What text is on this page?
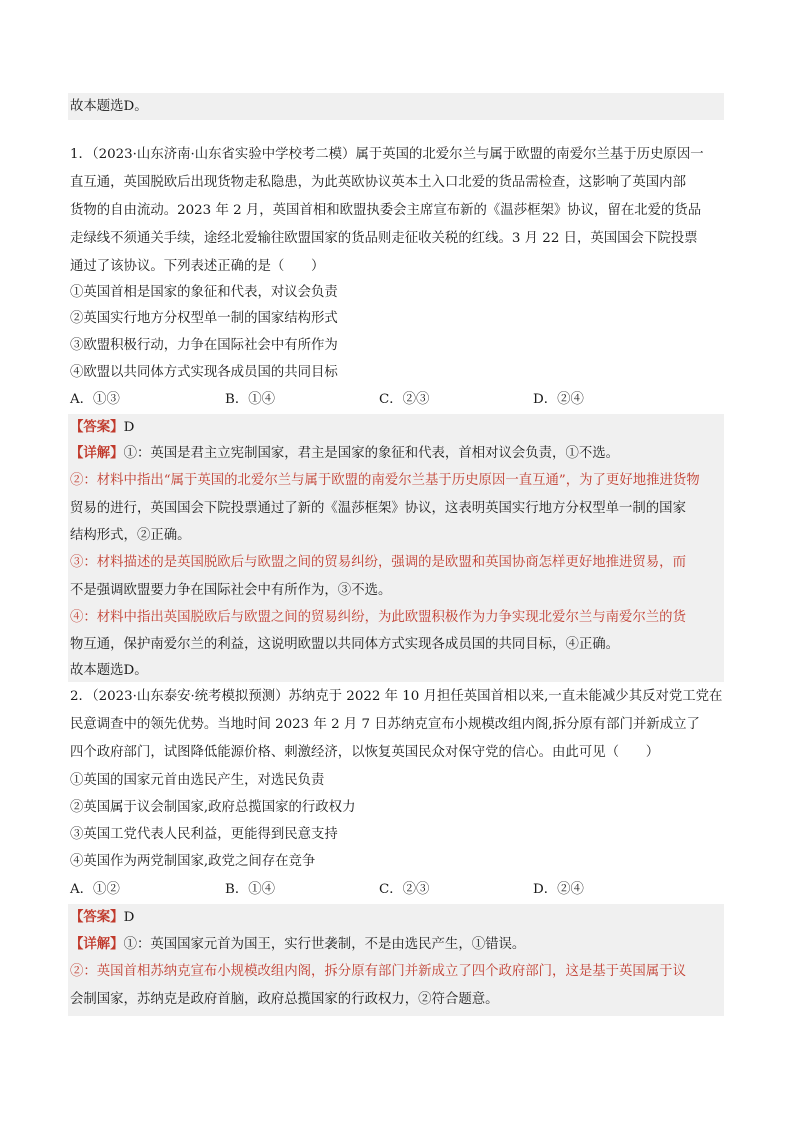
故本题选D。
1．（2023·山东济南·山东省实验中学校考二模）属于英国的北爱尔兰与属于欧盟的南爱尔兰基于历史原因一
直互通，英国脱欧后出现货物走私隐患，为此英欧协议英本土入口北爱的货品需检查，这影响了英国内部
货物的自由流动。2023 年 2 月，英国首相和欧盟执委会主席宣布新的《温莎框架》协议，留在北爱的货品
走绿线不须通关手续，途经北爱输往欧盟国家的货品则走征收关税的红线。3 月 22 日，英国国会下院投票
通过了该协议。下列表述正确的是（　　）
①英国首相是国家的象征和代表，对议会负责
②英国实行地方分权型单一制的国家结构形式
③欧盟积极行动，力争在国际社会中有所作为
④欧盟以共同体方式实现各成员国的共同目标
A．①③	B．①④	C．②③	D．②④
【答案】D
【详解】①：英国是君主立宪制国家，君主是国家的象征和代表，首相对议会负责，①不选。
②：材料中指出“属于英国的北爱尔兰与属于欧盟的南爱尔兰基于历史原因一直互通”，为了更好地推进货物
贸易的进行，英国国会下院投票通过了新的《温莎框架》协议，这表明英国实行地方分权型单一制的国家
结构形式，②正确。
③：材料描述的是英国脱欧后与欧盟之间的贸易纠纷，强调的是欧盟和英国协商怎样更好地推进贸易，而
不是强调欧盟要力争在国际社会中有所作为，③不选。
④：材料中指出英国脱欧后与欧盟之间的贸易纠纷，为此欧盟积极作为力争实现北爱尔兰与南爱尔兰的货
物互通，保护南爱尔兰的利益，这说明欧盟以共同体方式实现各成员国的共同目标，④正确。
故本题选D。
2．（2023·山东泰安·统考模拟预测）苏纳克于 2022 年 10 月担任英国首相以来,一直未能减少其反对党工党在
民意调查中的领先优势。当地时间 2023 年 2 月 7 日苏纳克宣布小规模改组内阁,拆分原有部门并新成立了
四个政府部门，试图降低能源价格、刺激经济，以恢复英国民众对保守党的信心。由此可见（　　）
①英国的国家元首由选民产生，对选民负责
②英国属于议会制国家,政府总揽国家的行政权力
③英国工党代表人民利益，更能得到民意支持
④英国作为两党制国家,政党之间存在竞争
A．①②	B．①④	C．②③	D．②④
【答案】D
【详解】①：英国国家元首为国王，实行世袭制，不是由选民产生，①错误。
②：英国首相苏纳克宣布小规模改组内阁，拆分原有部门并新成立了四个政府部门，这是基于英国属于议
会制国家，苏纳克是政府首脑，政府总揽国家的行政权力，②符合题意。
